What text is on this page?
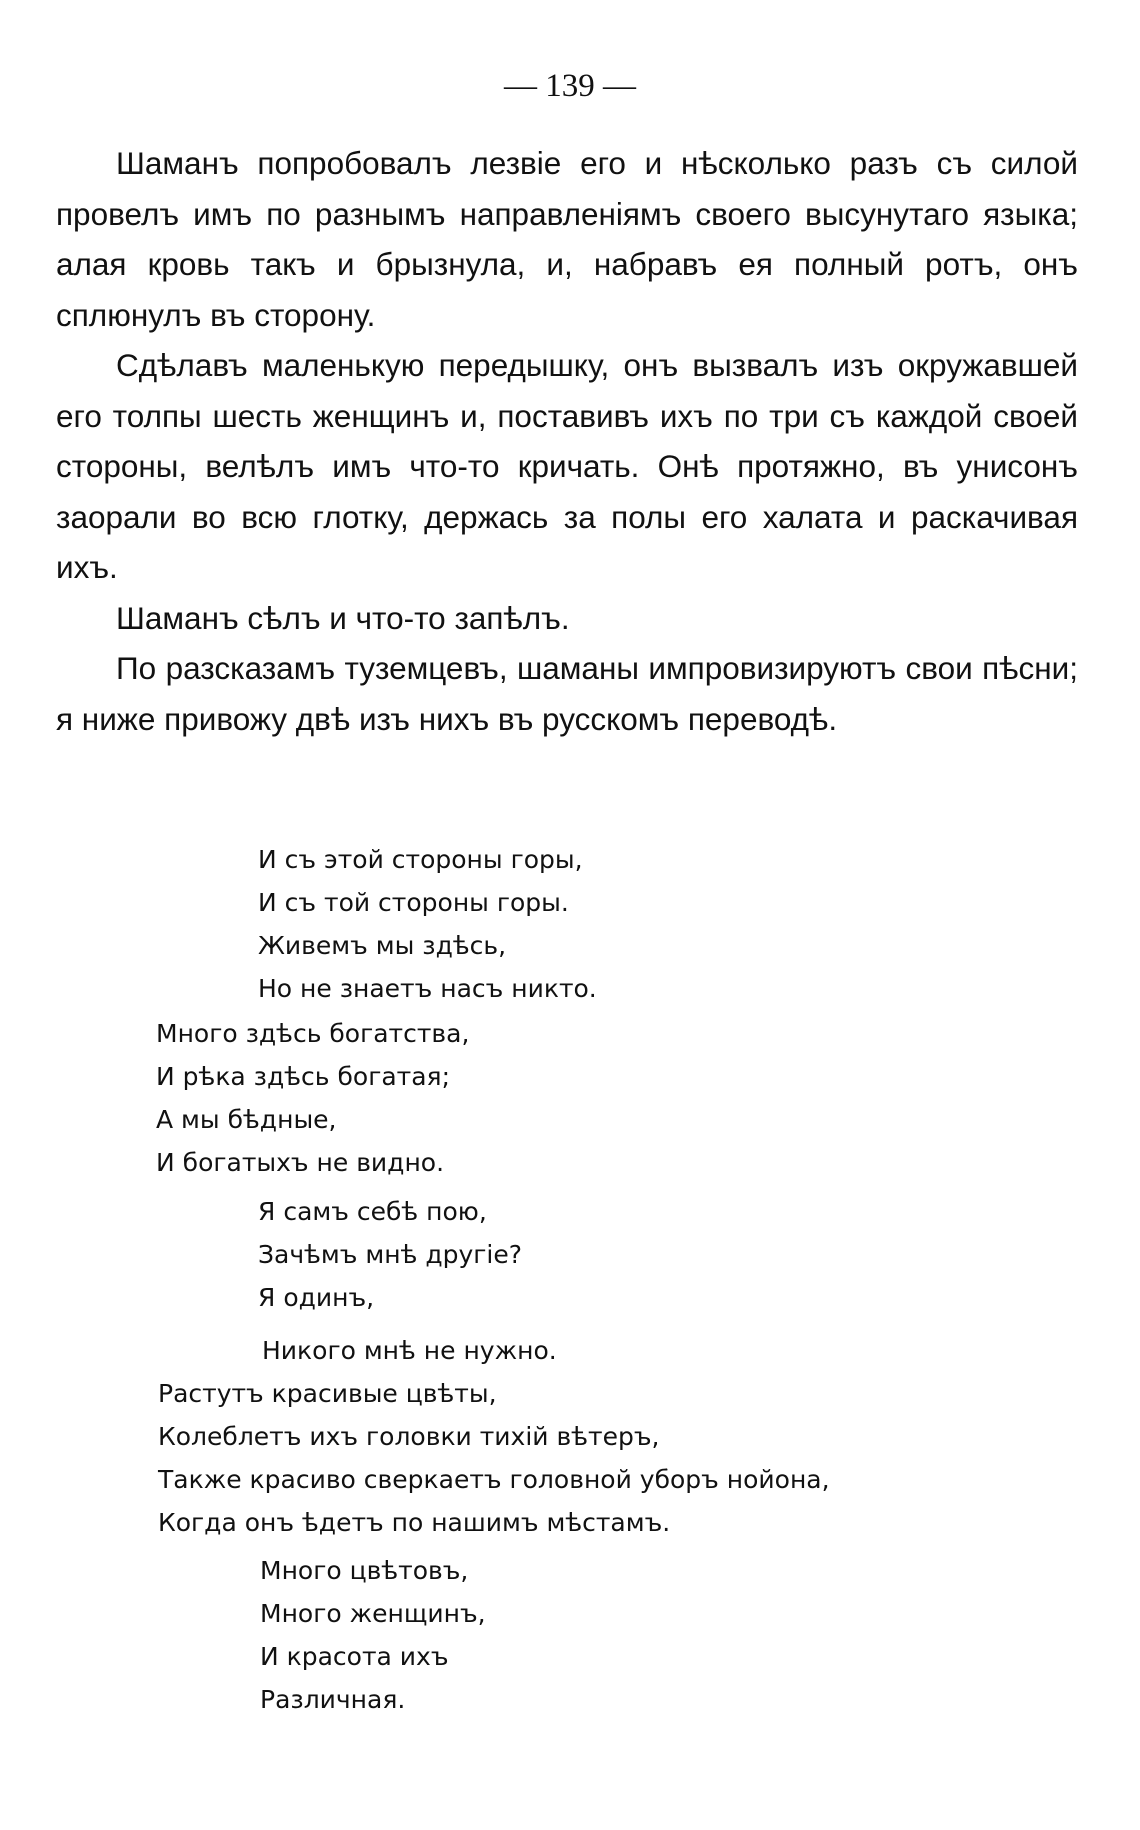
— 139 —

Шаманъ попробовалъ лезвіе его и нѣсколько разъ съ силой провелъ имъ по разнымъ направленіямъ своего высунутаго языка; алая кровь такъ и брызнула, и, набравъ ея полный ротъ, онъ сплюнулъ въ сторону.

Сдѣлавъ маленькую передышку, онъ вызвалъ изъ окружавшей его толпы шесть женщинъ и, поставивъ ихъ по три съ каждой своей стороны, велѣлъ имъ что-то кричать. Онѣ протяжно, въ унисонъ заорали во всю глотку, держась за полы его халата и раскачивая ихъ.

Шаманъ сѣлъ и что-то запѣлъ.

По разсказамъ туземцевъ, шаманы импровизируютъ свои пѣсни; я ниже привожу двѣ изъ нихъ въ русскомъ переводѣ.

И съ этой стороны горы,
И съ той стороны горы.
Живемъ мы здѣсь,
Но не знаетъ насъ никто.
Много здѣсь богатства,
И рѣка здѣсь богатая;
А мы бѣдные,
И богатыхъ не видно.
Я самъ себѣ пою,
Зачѣмъ мнѣ другіе?
Я одинъ,
Никого мнѣ не нужно.
Растутъ красивые цвѣты,
Колеблетъ ихъ головки тихій вѣтеръ,
Также красиво сверкаетъ головной уборъ нойона,
Когда онъ ѣдетъ по нашимъ мѣстамъ.
Много цвѣтовъ,
Много женщинъ,
И красота ихъ
Различная.
